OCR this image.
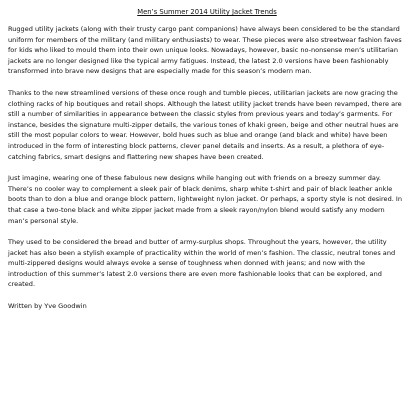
Men’s Summer 2014 Utility Jacket Trends

Rugged utility jackets (along with their trusty cargo pant companions) have always been considered to be the standard uniform for members of the military (and military enthusiasts) to wear. These pieces were also streetwear fashion faves for kids who liked to mould them into their own unique looks. Nowadays, however, basic no-nonsense men’s utilitarian jackets are no longer designed like the typical army fatigues. Instead, the latest 2.0 versions have been fashionably transformed into brave new designs that are especially made for this season’s modern man.

Thanks to the new streamlined versions of these once rough and tumble pieces, utilitarian jackets are now gracing the clothing racks of hip boutiques and retail shops. Although the latest utility jacket trends have been revamped, there are still a number of similarities in appearance between the classic styles from previous years and today’s garments. For instance, besides the signature multi-zipper details, the various tones of khaki green, beige and other neutral hues are still the most popular colors to wear. However, bold hues such as blue and orange (and black and white) have been introduced in the form of interesting block patterns, clever panel details and inserts. As a result, a plethora of eye-catching fabrics, smart designs and flattering new shapes have been created.

Just imagine, wearing one of these fabulous new designs while hanging out with friends on a breezy summer day. There’s no cooler way to complement a sleek pair of black denims, sharp white t-shirt and pair of black leather ankle boots than to don a blue and orange block pattern, lightweight nylon jacket. Or perhaps, a sporty style is not desired. In that case a two-tone black and white zipper jacket made from a sleek rayon/nylon blend would satisfy any modern man’s personal style.

They used to be considered the bread and butter of army-surplus shops. Throughout the years, however, the utility jacket has also been a stylish example of practicality within the world of men’s fashion. The classic, neutral tones and multi-zippered designs would always evoke a sense of toughness when donned with jeans; and now with the introduction of this summer’s latest 2.0 versions there are even more fashionable looks that can be explored, and created.

Written by Yve Goodwin
